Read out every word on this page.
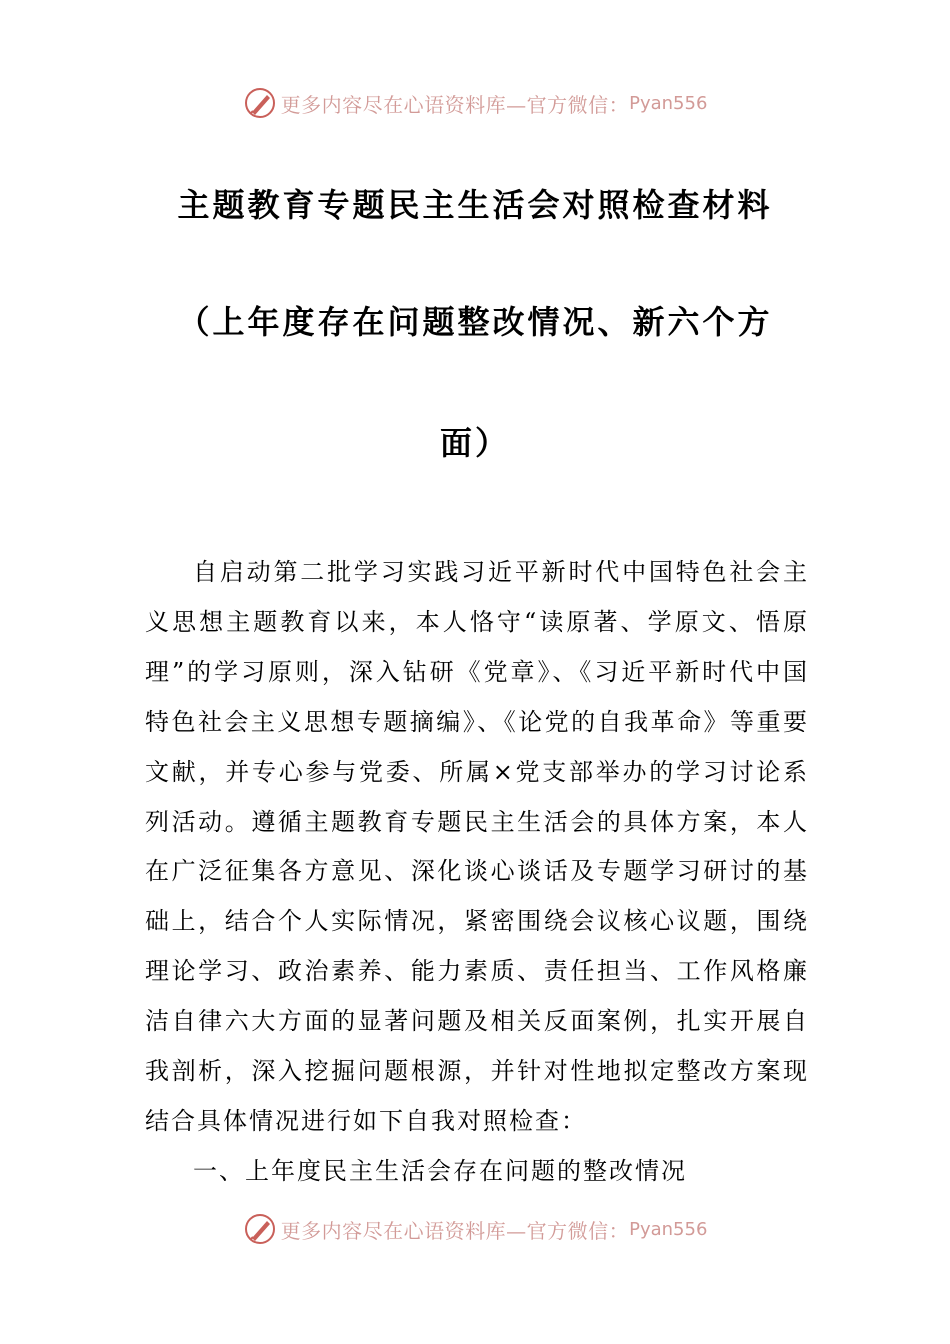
更多内容尽在心语资料库—官方微信： Pyan556
主题教育专题民主生活会对照检查材料
（上年度存在问题整改情况、新六个方
面）

自启动第二批学习实践习近平新时代中国特色社会主义思想主题教育以来，本人恪守“读原著、学原文、悟原理”的学习原则，深入钻研《党章》、《习近平新时代中国特色社会主义思想专题摘编》、《论党的自我革命》等重要文献，并专心参与党委、所属×党支部举办的学习讨论系列活动。遵循主题教育专题民主生活会的具体方案，本人在广泛征集各方意见、深化谈心谈话及专题学习研讨的基础上，结合个人实际情况，紧密围绕会议核心议题，围绕理论学习、政治素养、能力素质、责任担当、工作风格廉洁自律六大方面的显著问题及相关反面案例，扎实开展自我剖析，深入挖掘问题根源，并针对性地拟定整改方案现结合具体情况进行如下自我对照检查：

一、上年度民主生活会存在问题的整改情况

更多内容尽在心语资料库—官方微信： Pyan556
